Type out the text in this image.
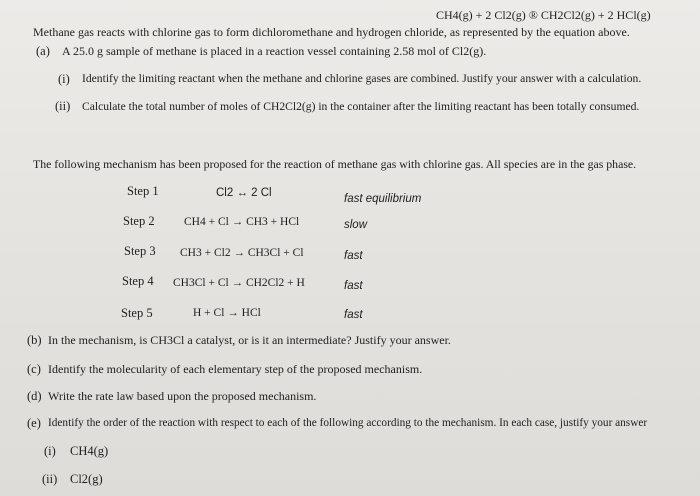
CH4(g) + 2 Cl2(g) ® CH2Cl2(g) + 2 HCl(g)
Methane gas reacts with chlorine gas to form dichloromethane and hydrogen chloride, as represented by the equation above.
(a) A 25.0 g sample of methane is placed in a reaction vessel containing 2.58 mol of Cl2(g).
(i) Identify the limiting reactant when the methane and chlorine gases are combined. Justify your answer with a calculation.
(ii) Calculate the total number of moles of CH2Cl2(g) in the container after the limiting reactant has been totally consumed.
The following mechanism has been proposed for the reaction of methane gas with chlorine gas. All species are in the gas phase.
Step 1	Cl2 ↔ 2 Cl	fast equilibrium
Step 2	CH4 + Cl → CH3 + HCl	slow
Step 3 CH3 + Cl2 → CH3Cl + Cl	fast
Step 4 CH3Cl + Cl → CH2Cl2 + H	fast
Step 5	H + Cl → HCl	fast
(b) In the mechanism, is CH3Cl a catalyst, or is it an intermediate? Justify your answer.
(c) Identify the molecularity of each elementary step of the proposed mechanism.
(d) Write the rate law based upon the proposed mechanism.
(e) Identify the order of the reaction with respect to each of the following according to the mechanism. In each case, justify your answer
(i) CH4(g)
(ii) Cl2(g)
